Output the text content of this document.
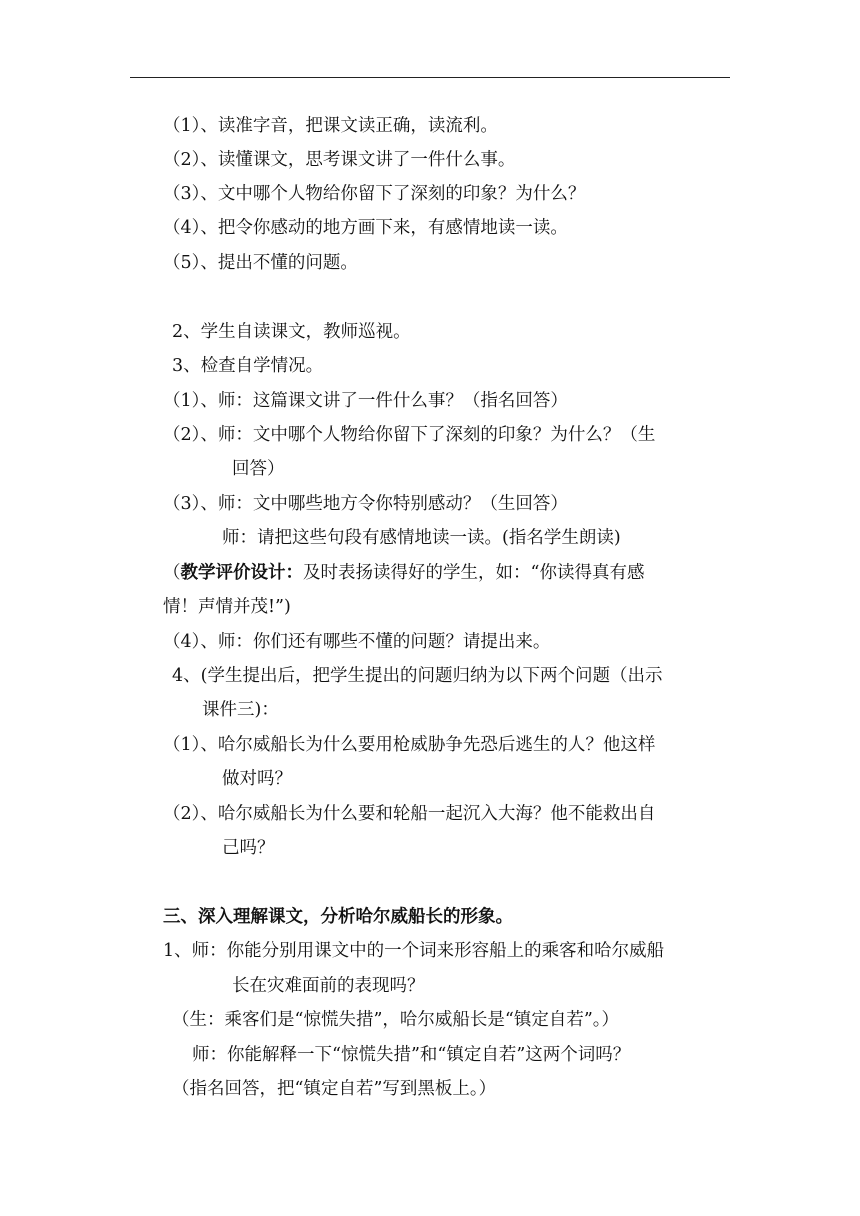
（1）、读准字音，把课文读正确，读流利。
（2）、读懂课文，思考课文讲了一件什么事。
（3）、文中哪个人物给你留下了深刻的印象？为什么？
（4）、把令你感动的地方画下来，有感情地读一读。
（5）、提出不懂的问题。
2、学生自读课文，教师巡视。
3、检查自学情况。
（1）、师：这篇课文讲了一件什么事？（指名回答）
（2）、师：文中哪个人物给你留下了深刻的印象？为什么？（生
回答）
（3）、师：文中哪些地方令你特别感动？（生回答）
师：请把这些句段有感情地读一读。(指名学生朗读)
（教学评价设计：及时表扬读得好的学生，如：“你读得真有感
情！声情并茂!”)
（4）、师：你们还有哪些不懂的问题？请提出来。
4、(学生提出后，把学生提出的问题归纳为以下两个问题（出示
课件三)：
（1）、哈尔威船长为什么要用枪威胁争先恐后逃生的人？他这样
做对吗？
（2）、哈尔威船长为什么要和轮船一起沉入大海？他不能救出自
己吗？
三、深入理解课文，分析哈尔威船长的形象。
1、师：你能分别用课文中的一个词来形容船上的乘客和哈尔威船
长在灾难面前的表现吗？
（生：乘客们是“惊慌失措”，哈尔威船长是“镇定自若”。）
师：你能解释一下“惊慌失措”和“镇定自若”这两个词吗？
（指名回答，把“镇定自若”写到黑板上。）
